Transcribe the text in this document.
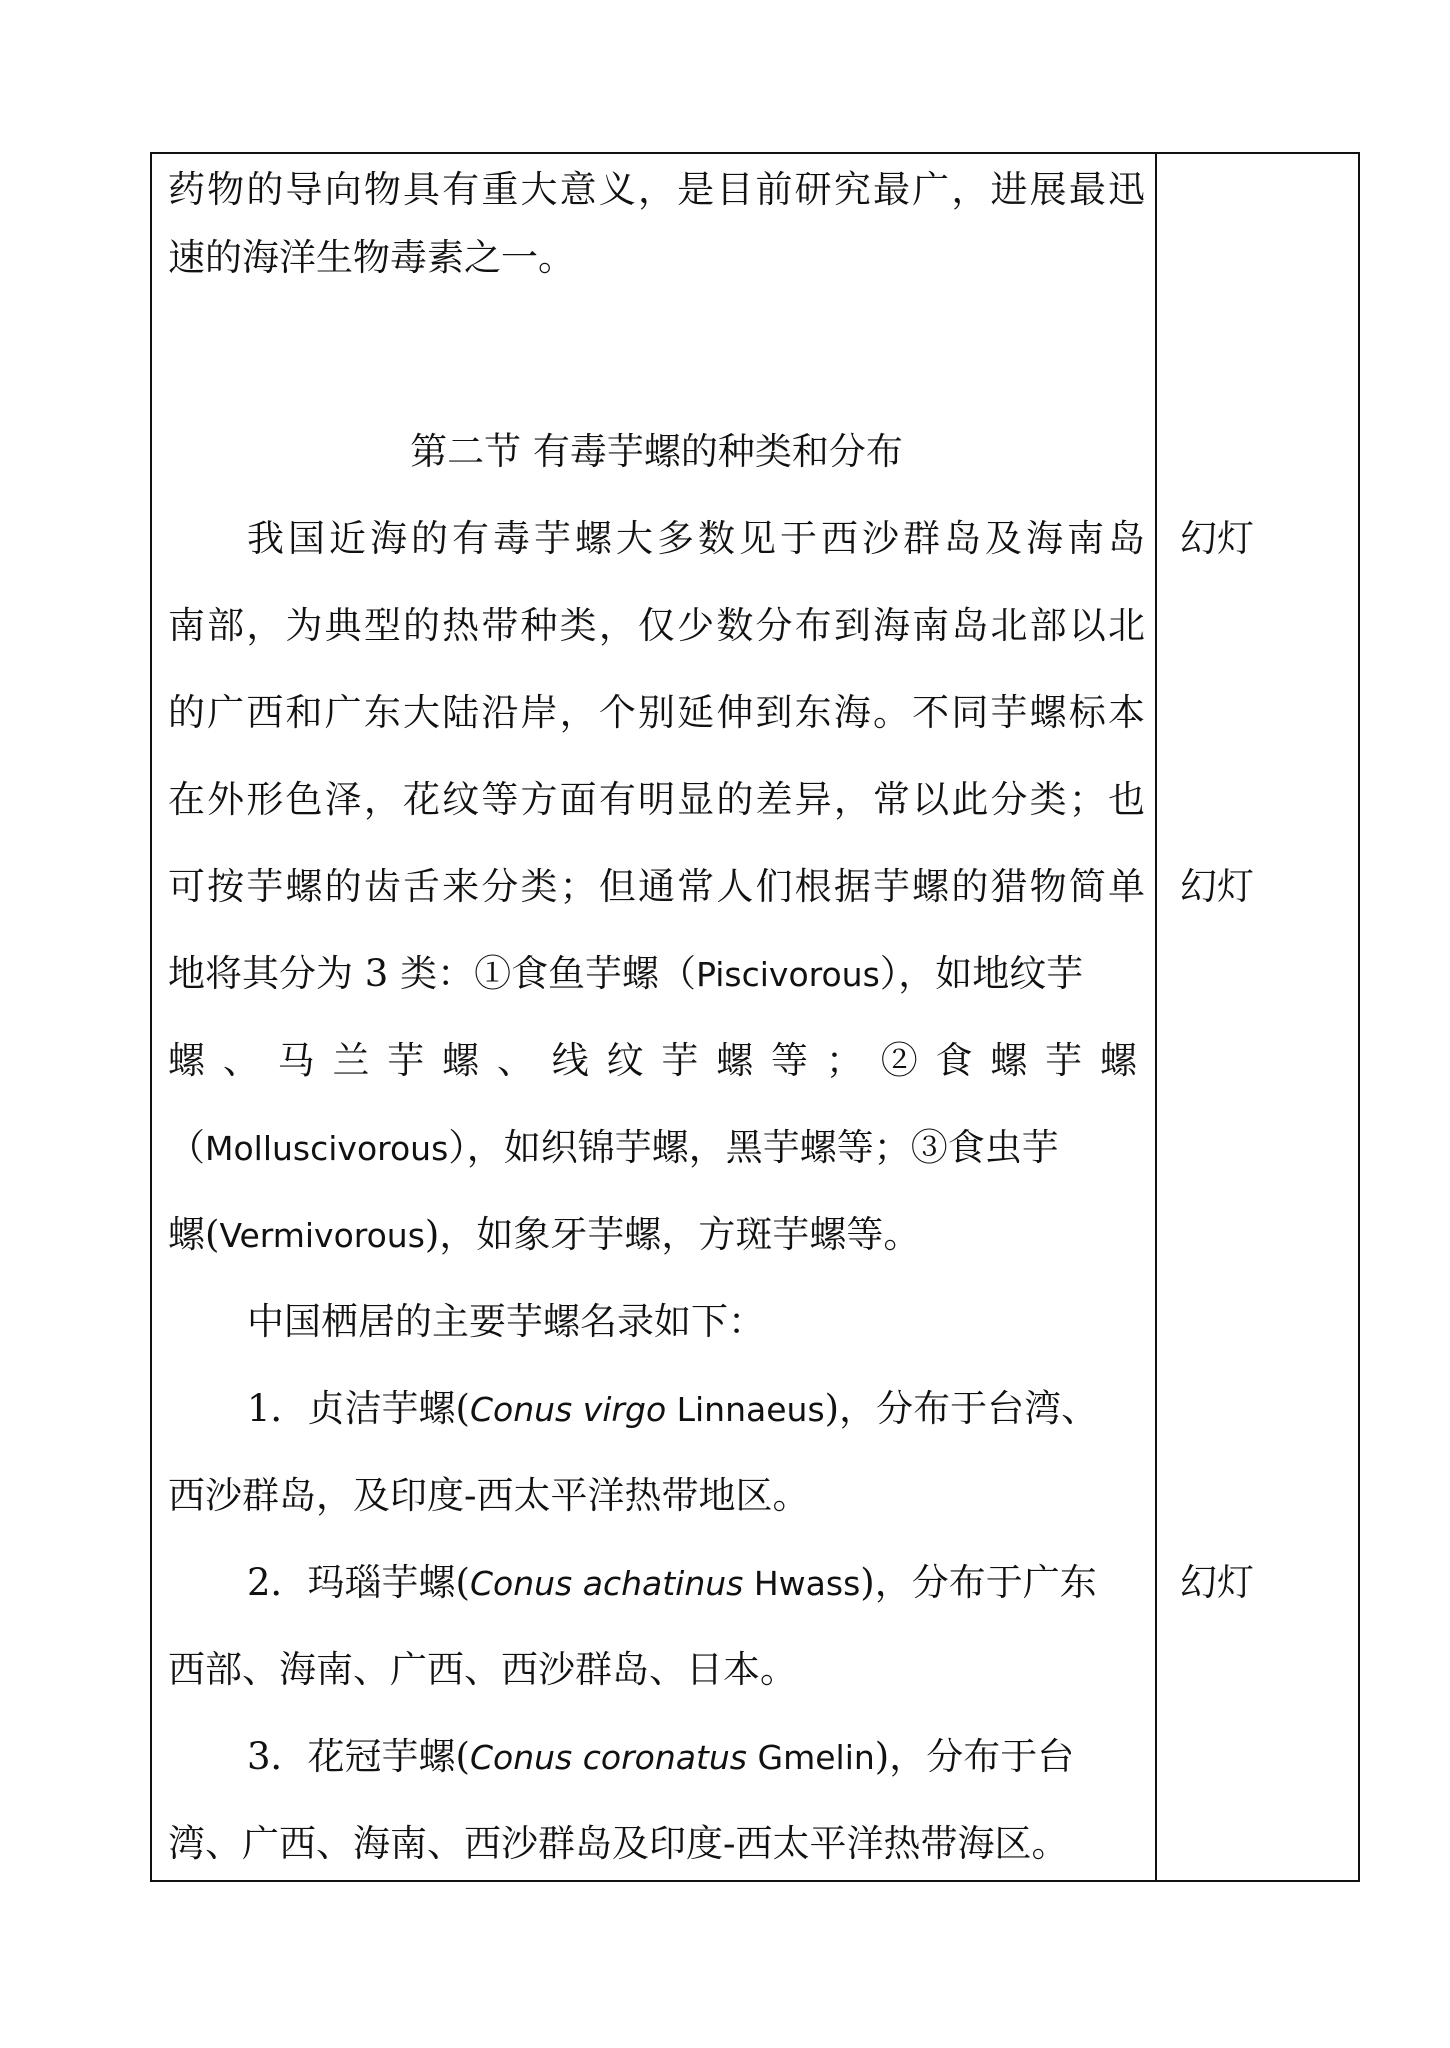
药物的导向物具有重大意义，是目前研究最广，进展最迅
速的海洋生物毒素之一。
第二节 有毒芋螺的种类和分布
我国近海的有毒芋螺大多数见于西沙群岛及海南岛
南部，为典型的热带种类，仅少数分布到海南岛北部以北
的广西和广东大陆沿岸，个别延伸到东海。不同芋螺标本
在外形色泽，花纹等方面有明显的差异，常以此分类；也
可按芋螺的齿舌来分类；但通常人们根据芋螺的猎物简单
地将其分为 3 类：①食鱼芋螺（Piscivorous），如地纹芋
螺、马兰芋螺、线纹芋螺等；②食螺芋螺
（Molluscivorous），如织锦芋螺，黑芋螺等；③食虫芋
螺(Vermivorous)，如象牙芋螺，方斑芋螺等。
中国栖居的主要芋螺名录如下：
1．贞洁芋螺(Conus virgo Linnaeus)，分布于台湾、
西沙群岛，及印度-西太平洋热带地区。
2．玛瑙芋螺(Conus achatinus Hwass)，分布于广东
西部、海南、广西、西沙群岛、日本。
3．花冠芋螺(Conus coronatus Gmelin)，分布于台
湾、广西、海南、西沙群岛及印度-西太平洋热带海区。
幻灯
幻灯
幻灯
